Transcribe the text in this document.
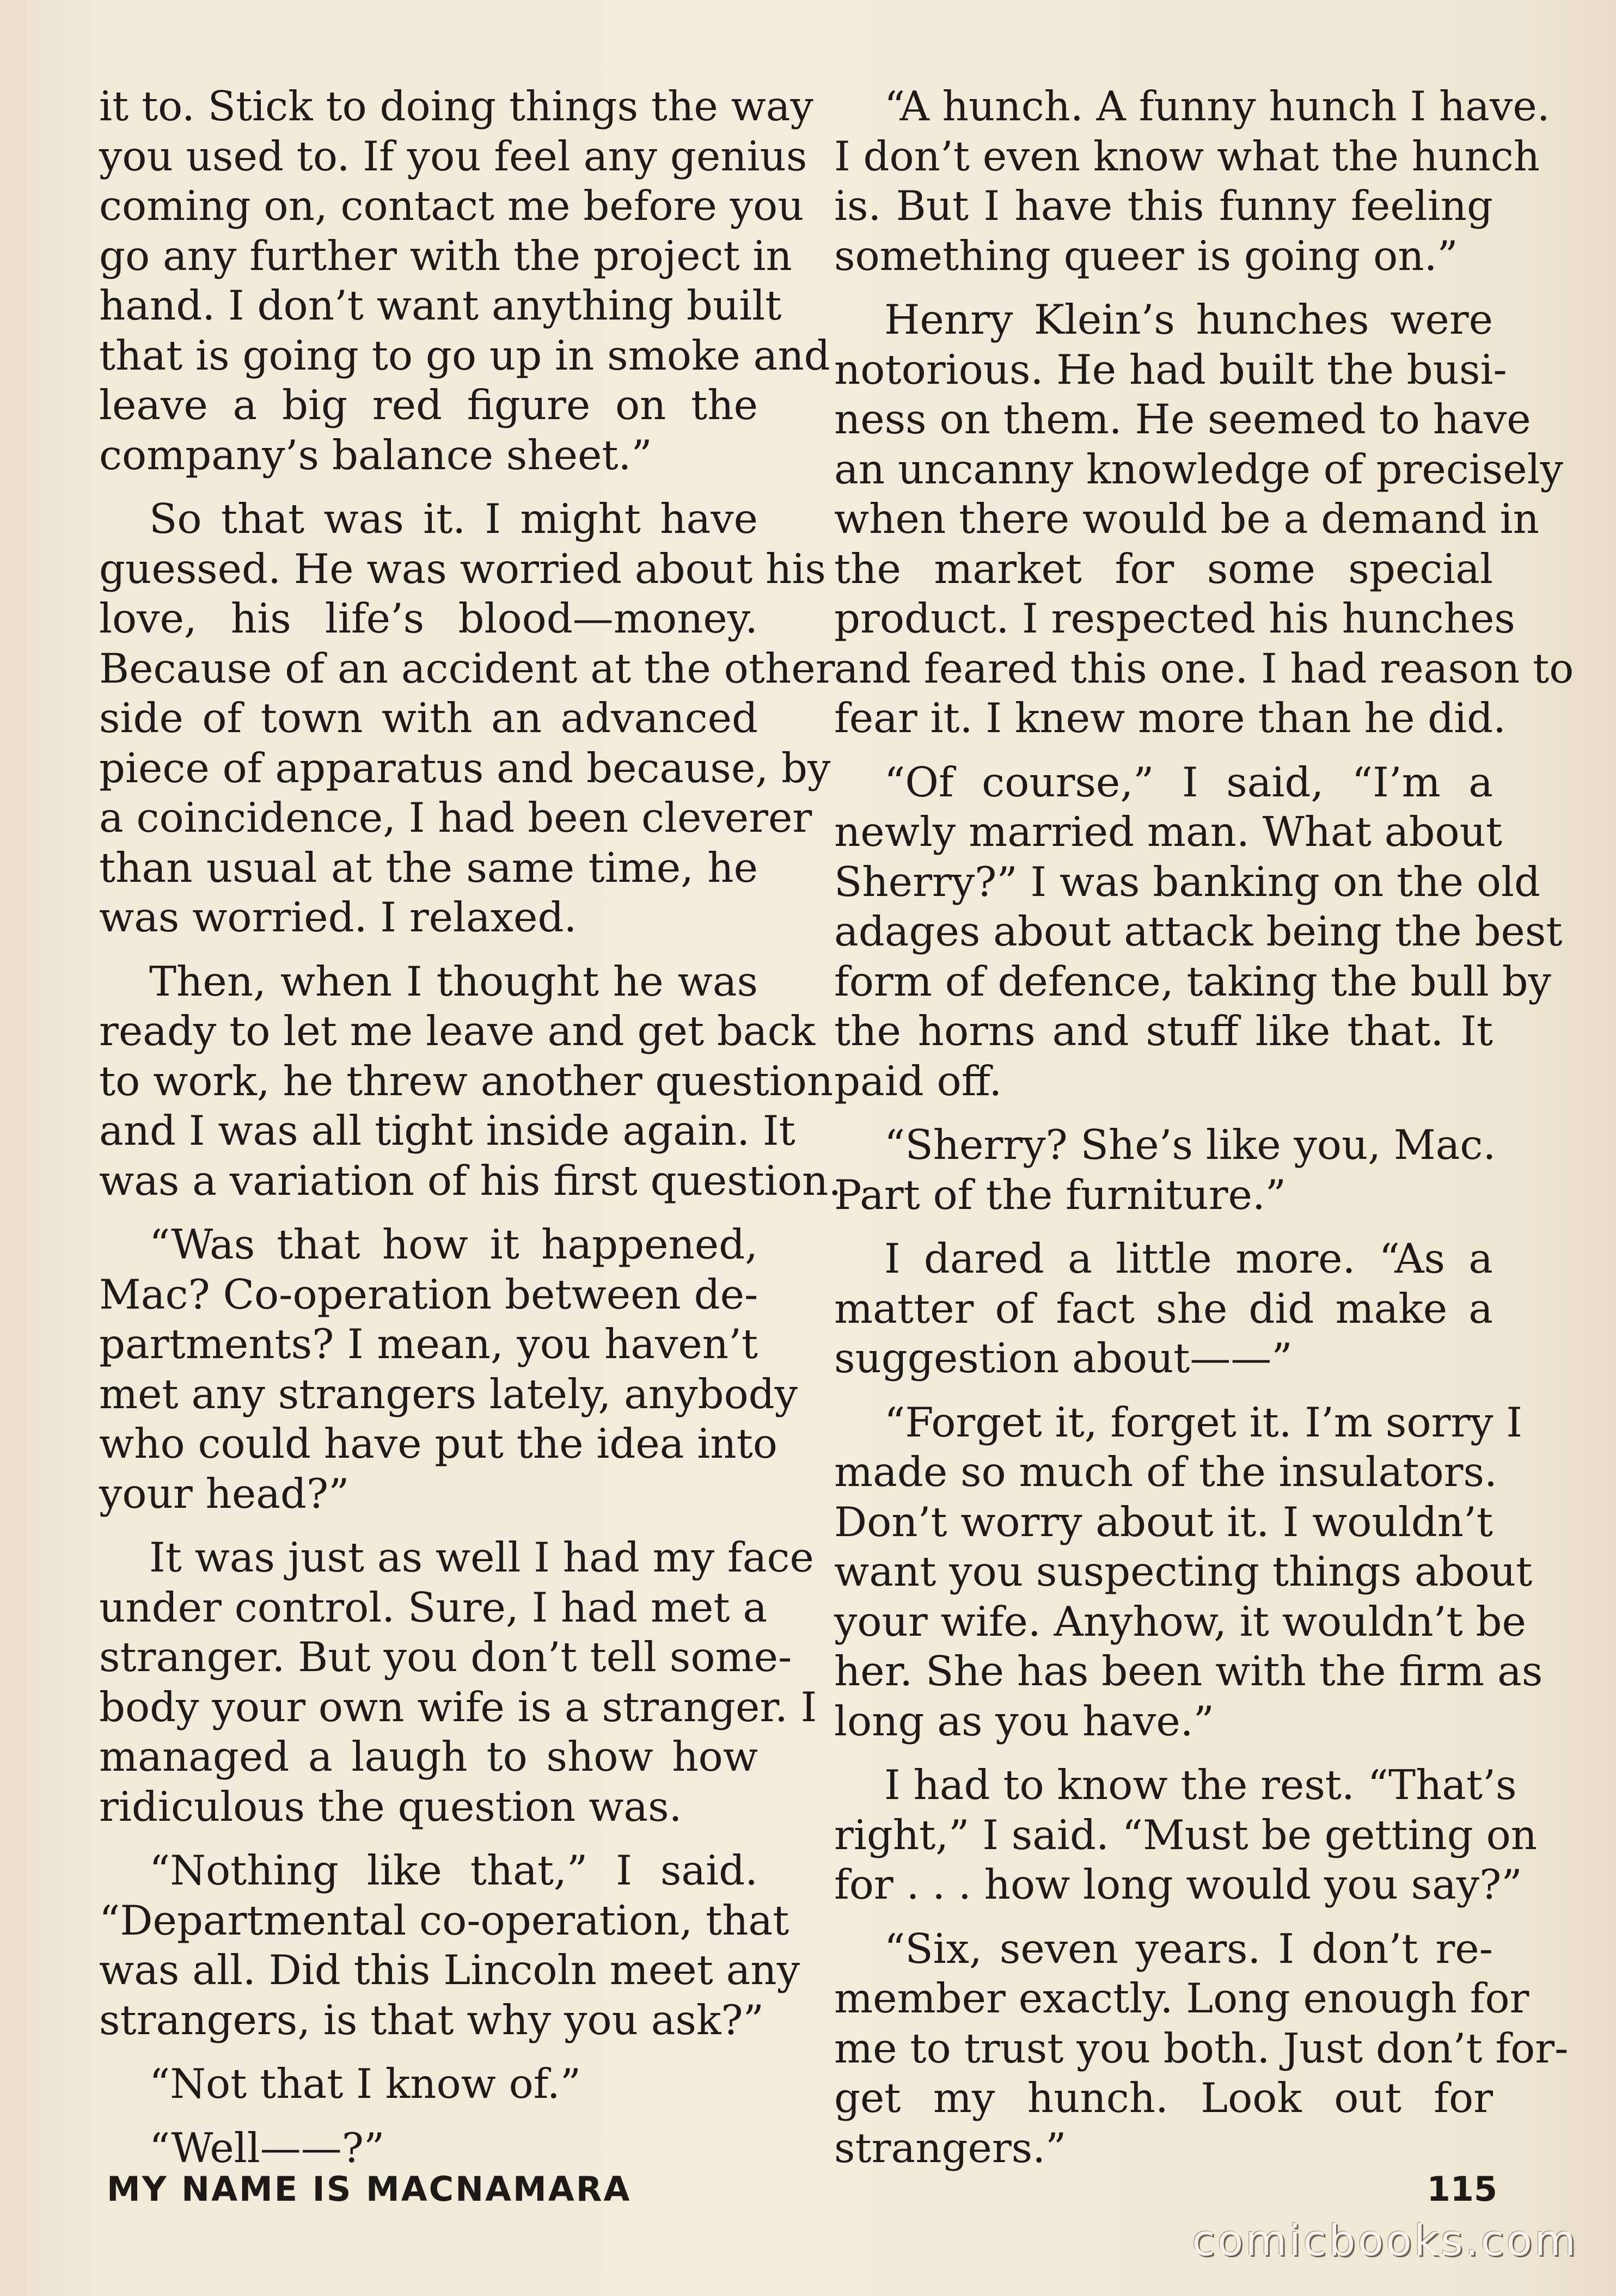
it to. Stick to doing things the way
you used to. If you feel any genius
coming on, contact me before you
go any further with the project in
hand. I don’t want anything built
that is going to go up in smoke and
leave a big red figure on the
company’s balance sheet.”
So that was it. I might have
guessed. He was worried about his
love, his life’s blood—money.
Because of an accident at the other
side of town with an advanced
piece of apparatus and because, by
a coincidence, I had been cleverer
than usual at the same time, he
was worried. I relaxed.
Then, when I thought he was
ready to let me leave and get back
to work, he threw another question
and I was all tight inside again. It
was a variation of his first question.
“Was that how it happened,
Mac? Co-operation between de-
partments? I mean, you haven’t
met any strangers lately, anybody
who could have put the idea into
your head?”
It was just as well I had my face
under control. Sure, I had met a
stranger. But you don’t tell some-
body your own wife is a stranger. I
managed a laugh to show how
ridiculous the question was.
“Nothing like that,” I said.
“Departmental co-operation, that
was all. Did this Lincoln meet any
strangers, is that why you ask?”
“Not that I know of.”
“Well——?”
“A hunch. A funny hunch I have.
I don’t even know what the hunch
is. But I have this funny feeling
something queer is going on.”
Henry Klein’s hunches were
notorious. He had built the busi-
ness on them. He seemed to have
an uncanny knowledge of precisely
when there would be a demand in
the market for some special
product. I respected his hunches
and feared this one. I had reason to
fear it. I knew more than he did.
“Of course,” I said, “I’m a
newly married man. What about
Sherry?” I was banking on the old
adages about attack being the best
form of defence, taking the bull by
the horns and stuff like that. It
paid off.
“Sherry? She’s like you, Mac.
Part of the furniture.”
I dared a little more. “As a
matter of fact she did make a
suggestion about——”
“Forget it, forget it. I’m sorry I
made so much of the insulators.
Don’t worry about it. I wouldn’t
want you suspecting things about
your wife. Anyhow, it wouldn’t be
her. She has been with the firm as
long as you have.”
I had to know the rest. “That’s
right,” I said. “Must be getting on
for . . . how long would you say?”
“Six, seven years. I don’t re-
member exactly. Long enough for
me to trust you both. Just don’t for-
get my hunch. Look out for
strangers.”
MY NAME IS MACNAMARA	115
comicbooks.com
